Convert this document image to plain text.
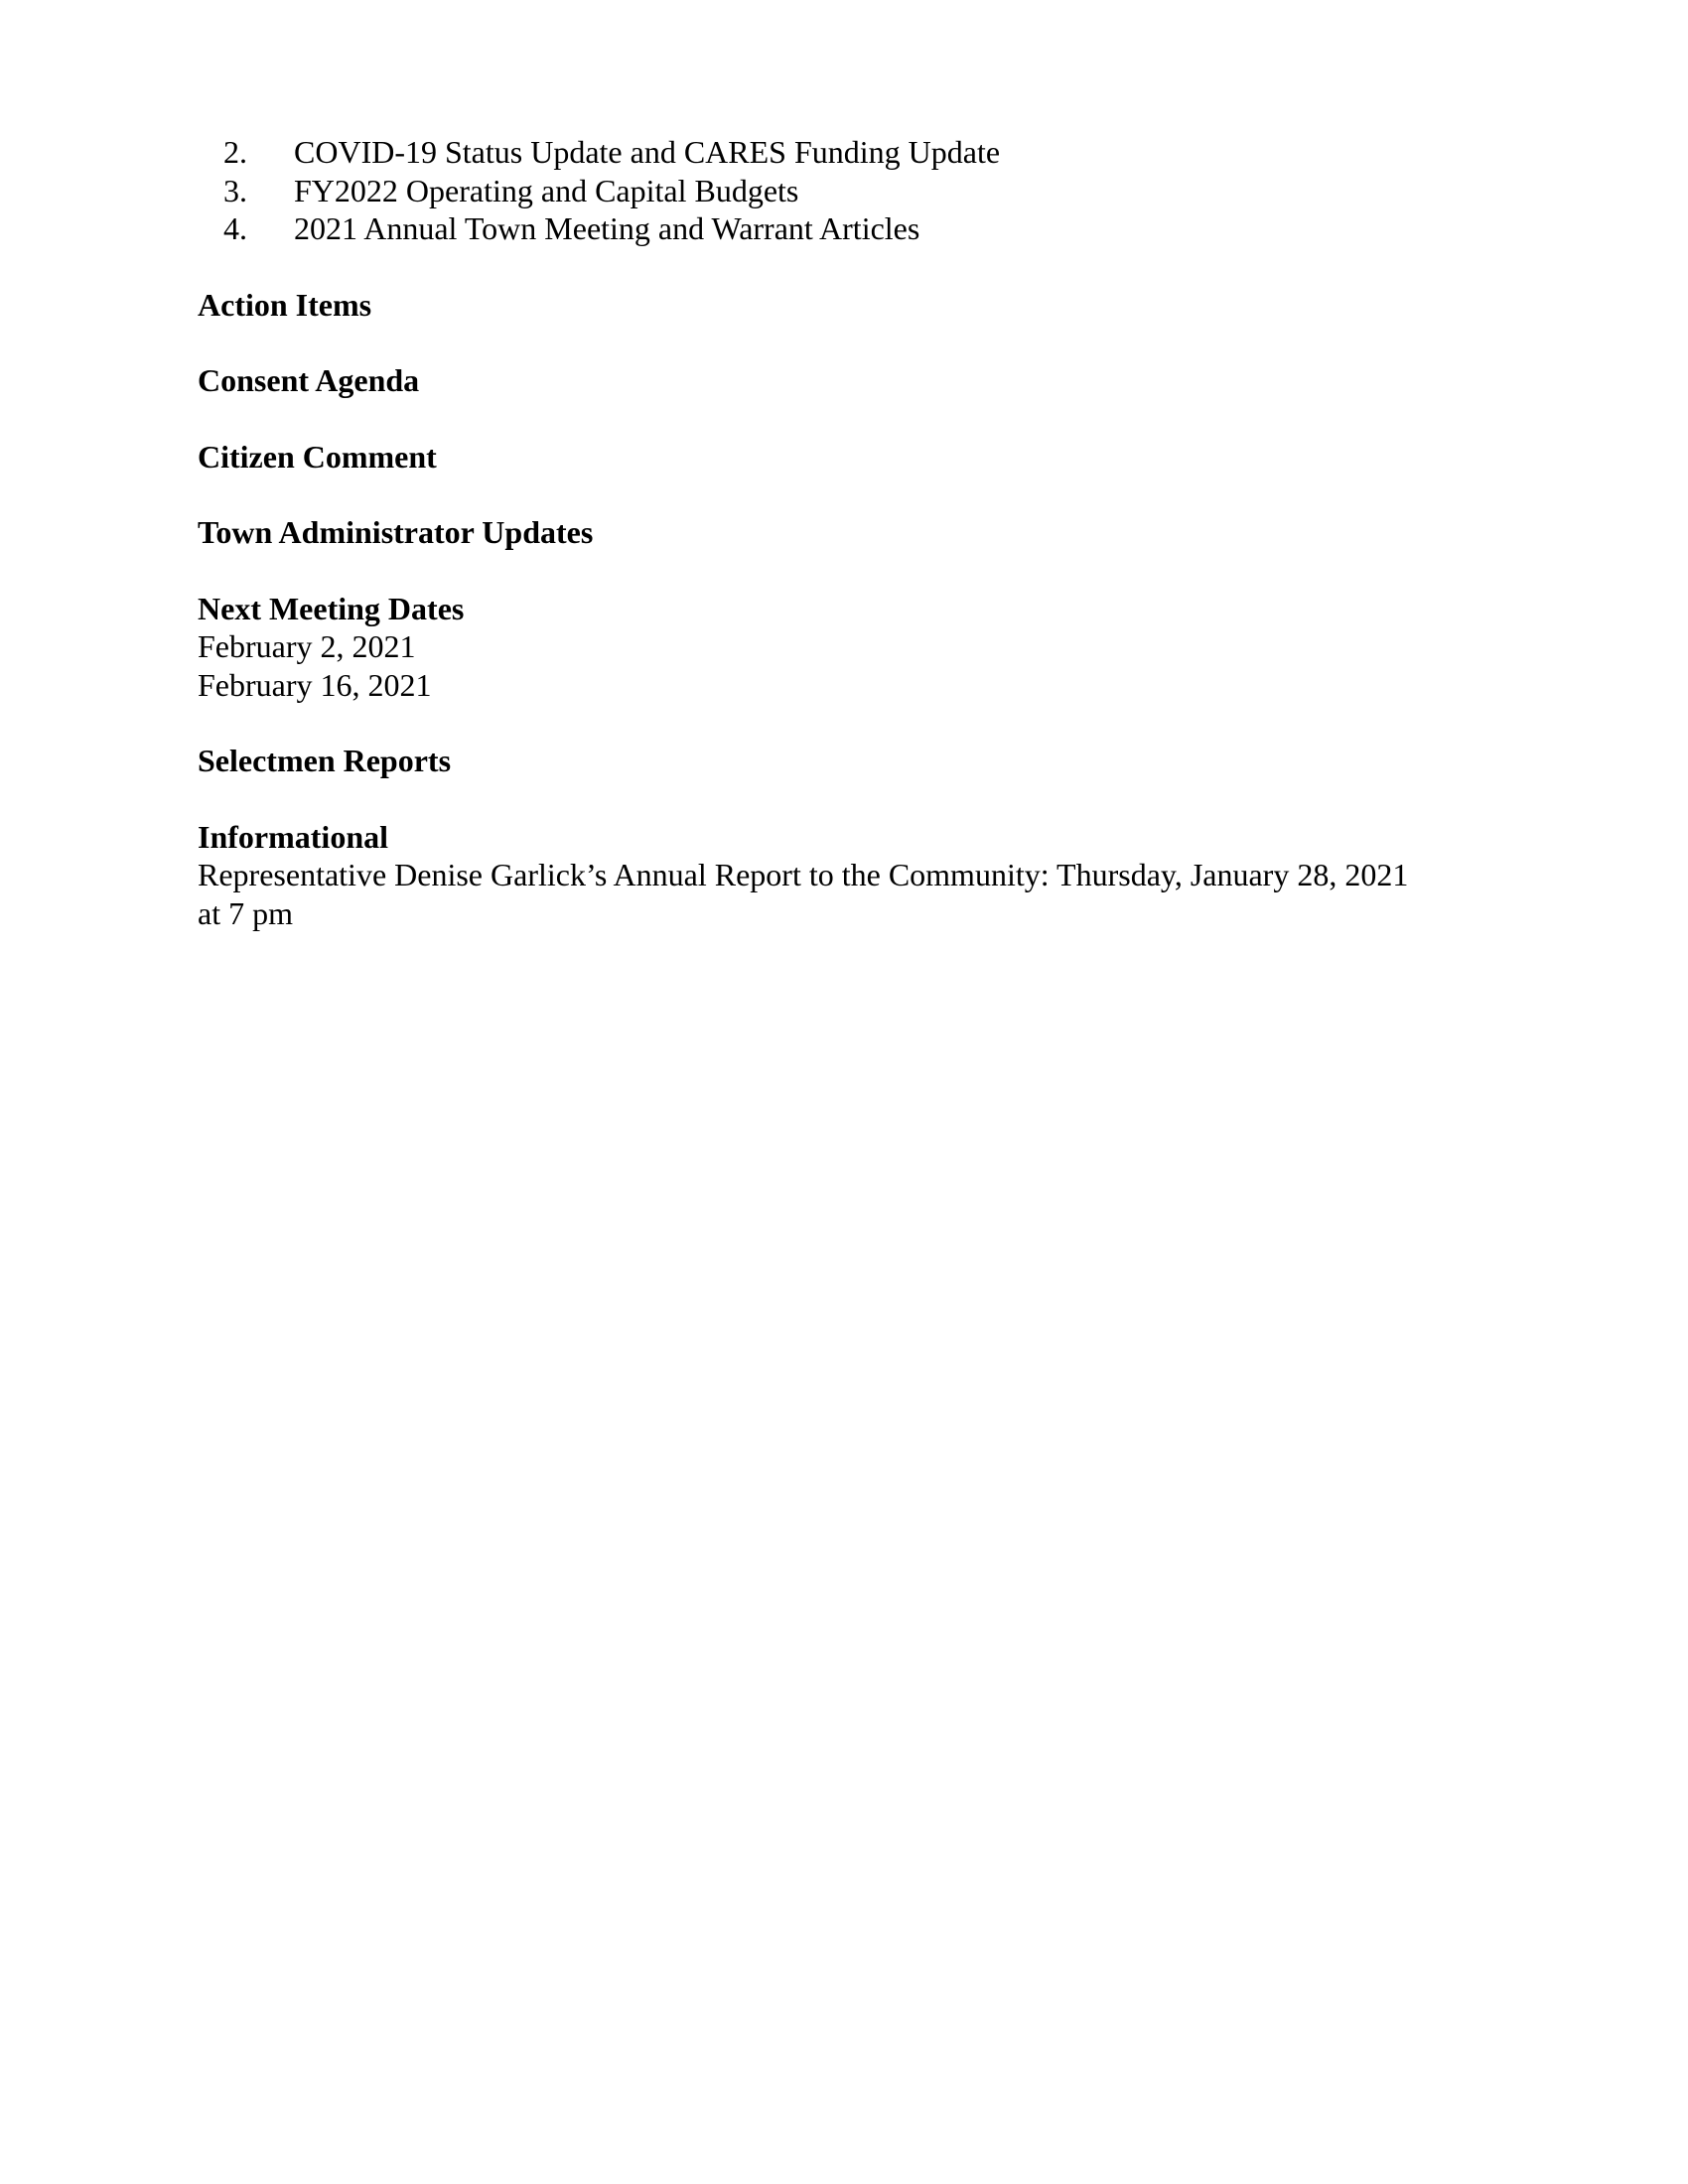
2.	COVID-19 Status Update and CARES Funding Update
3.	FY2022 Operating and Capital Budgets
4.	2021 Annual Town Meeting and Warrant Articles

Action Items

Consent Agenda

Citizen Comment

Town Administrator Updates

Next Meeting Dates

February 2, 2021

February 16, 2021

Selectmen Reports

Informational

Representative Denise Garlick’s Annual Report to the Community: Thursday, January 28, 2021

at 7 pm
